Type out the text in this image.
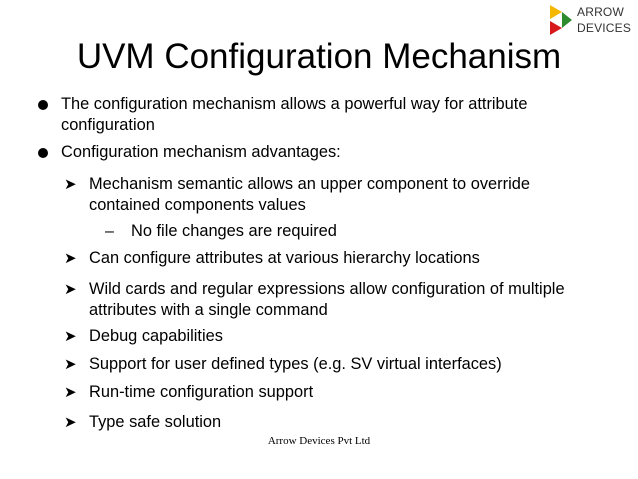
ARROW
DEVICES
UVM Configuration Mechanism
The configuration mechanism allows a powerful way for attribute configuration
Configuration mechanism advantages:
➤ Mechanism semantic allows an upper component to override contained components values
– No file changes are required
➤ Can configure attributes at various hierarchy locations
➤ Wild cards and regular expressions allow configuration of multiple attributes with a single command
➤ Debug capabilities
➤ Support for user defined types (e.g. SV virtual interfaces)
➤ Run-time configuration support
➤ Type safe solution
Arrow Devices Pvt Ltd
